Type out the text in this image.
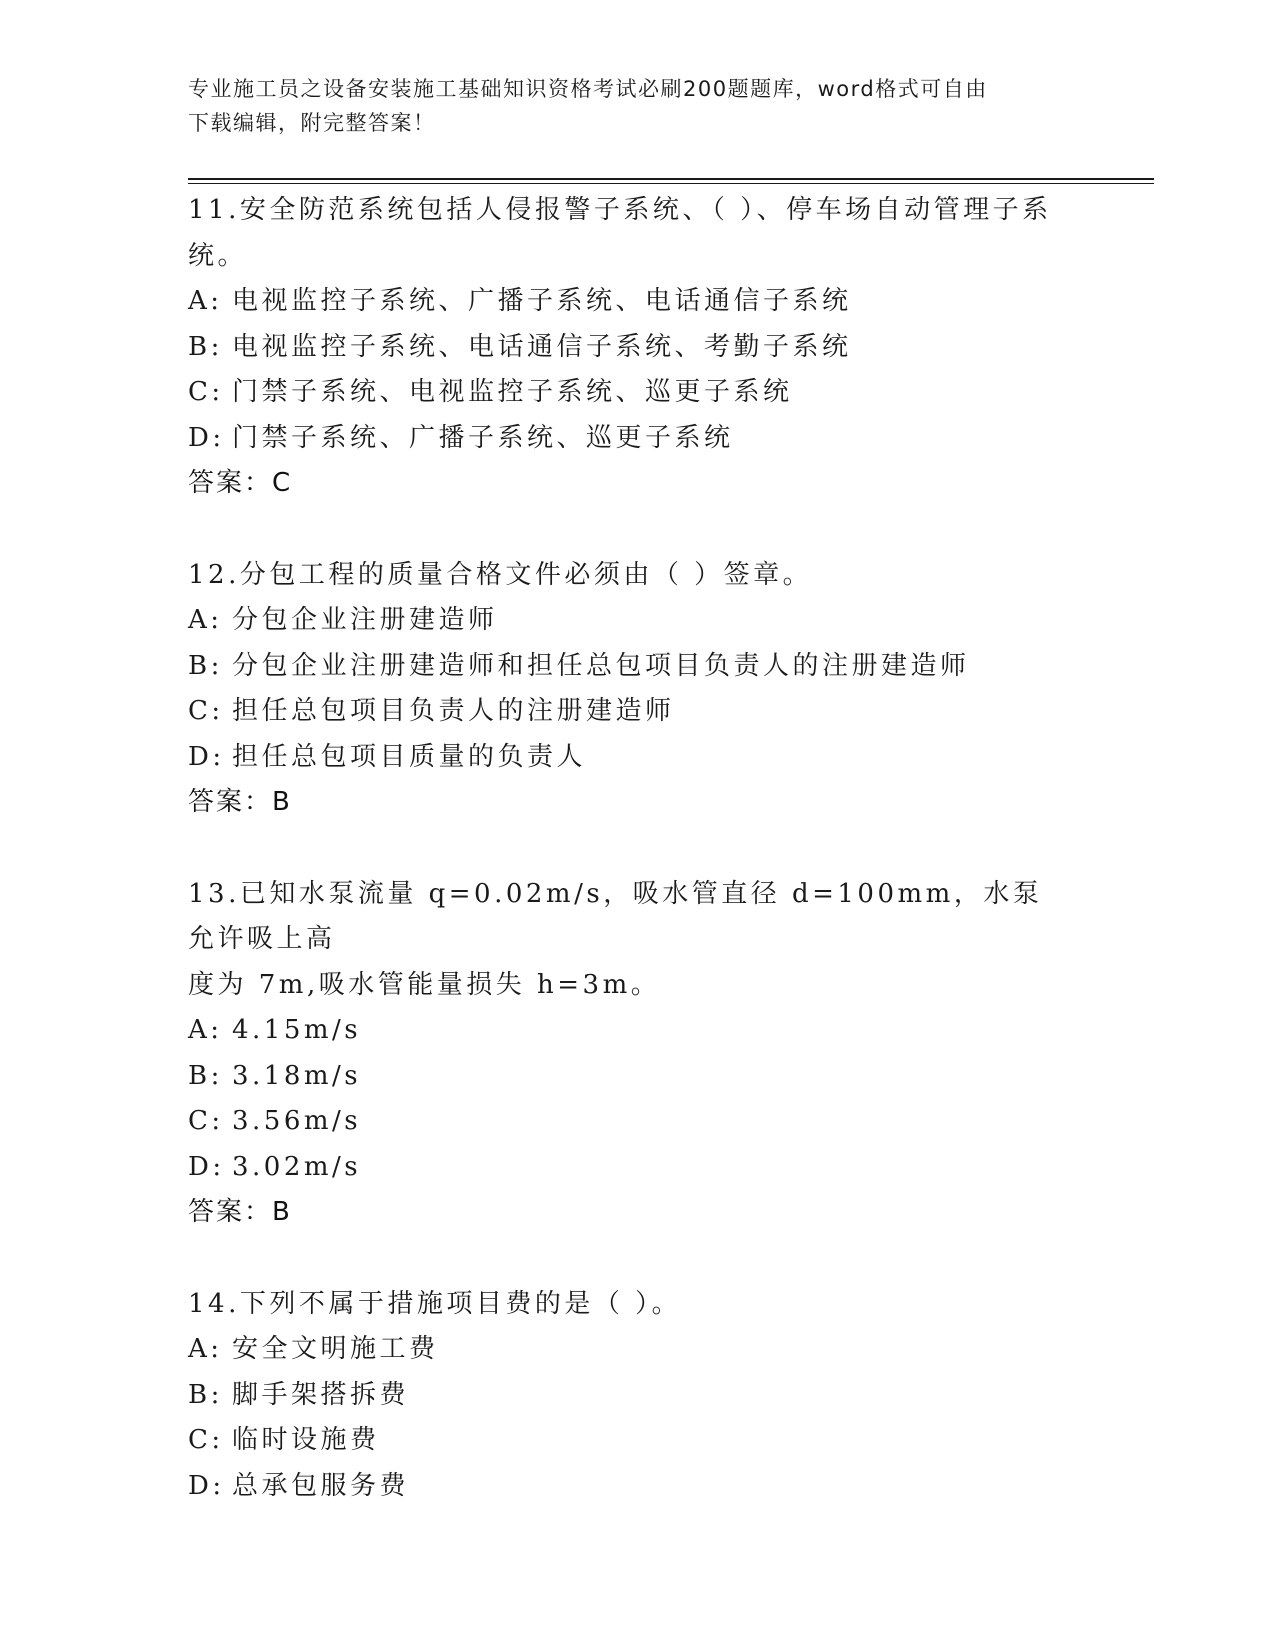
专业施工员之设备安装施工基础知识资格考试必刷200题题库，word格式可自由
下载编辑，附完整答案！
11.安全防范系统包括人侵报警子系统、（ ）、停车场自动管理子系
统。
A: 电视监控子系统、广播子系统、电话通信子系统
B: 电视监控子系统、电话通信子系统、考勤子系统
C: 门禁子系统、电视监控子系统、巡更子系统
D: 门禁子系统、广播子系统、巡更子系统
答案：C
12.分包工程的质量合格文件必须由（ ）签章。
A: 分包企业注册建造师
B: 分包企业注册建造师和担任总包项目负责人的注册建造师
C: 担任总包项目负责人的注册建造师
D: 担任总包项目质量的负责人
答案：B
13.已知水泵流量 q=0.02m/s，吸水管直径 d=100mm，水泵允许吸上高
度为 7m,吸水管能量损失 h=3m。
A: 4.15m/s
B: 3.18m/s
C: 3.56m/s
D: 3.02m/s
答案：B
14.下列不属于措施项目费的是（ ）。
A: 安全文明施工费
B: 脚手架搭拆费
C: 临时设施费
D: 总承包服务费
